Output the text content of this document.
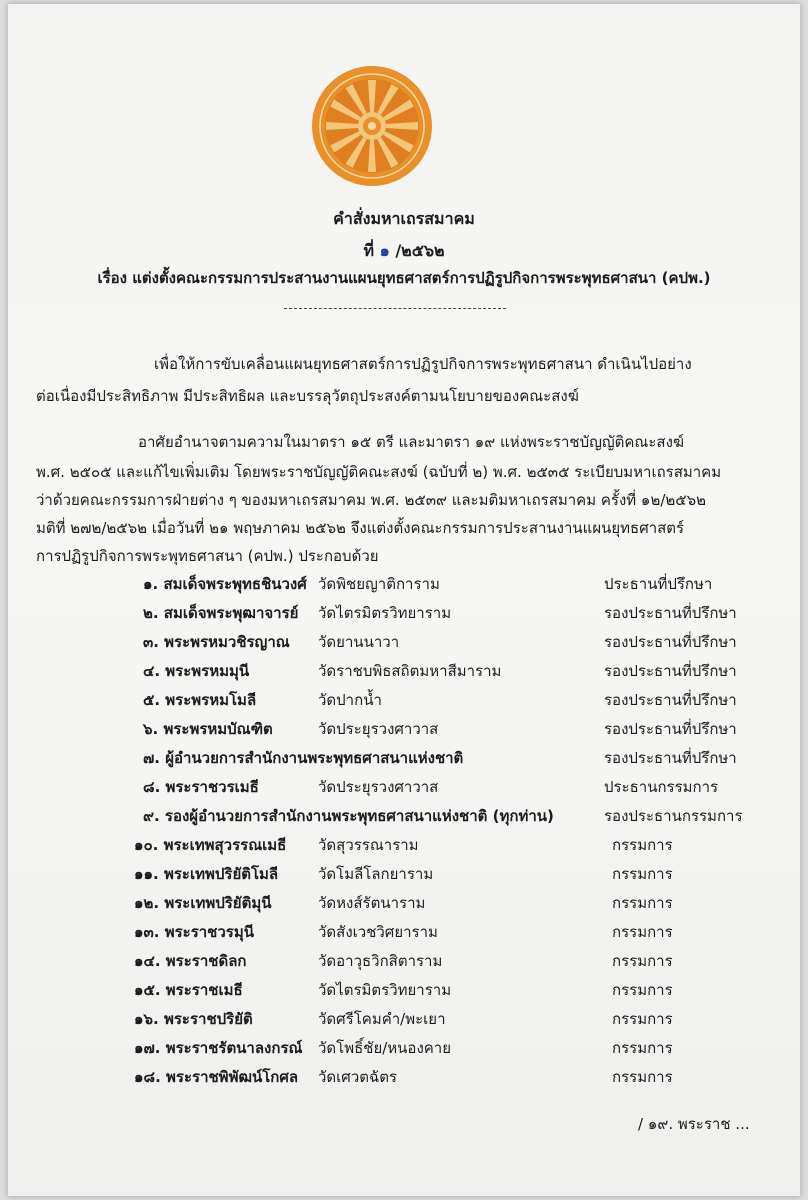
คำสั่งมหาเถรสมาคม
ที่ ๑ /๒๕๖๒
เรื่อง แต่งตั้งคณะกรรมการประสานงานแผนยุทธศาสตร์การปฏิรูปกิจการพระพุทธศาสนา (คปพ.)
เพื่อให้การขับเคลื่อนแผนยุทธศาสตร์การปฏิรูปกิจการพระพุทธศาสนา ดำเนินไปอย่าง
ต่อเนื่องมีประสิทธิภาพ มีประสิทธิผล และบรรลุวัตถุประสงค์ตามนโยบายของคณะสงฆ์
อาศัยอำนาจตามความในมาตรา ๑๕ ตรี และมาตรา ๑๙ แห่งพระราชบัญญัติคณะสงฆ์
พ.ศ. ๒๕๐๕ และแก้ไขเพิ่มเติม โดยพระราชบัญญัติคณะสงฆ์ (ฉบับที่ ๒) พ.ศ. ๒๕๓๕ ระเบียบมหาเถรสมาคม
ว่าด้วยคณะกรรมการฝ่ายต่าง ๆ ของมหาเถรสมาคม พ.ศ. ๒๕๓๙ และมติมหาเถรสมาคม ครั้งที่ ๑๒/๒๕๖๒
มติที่ ๒๗๒/๒๕๖๒ เมื่อวันที่ ๒๑ พฤษภาคม ๒๕๖๒ จึงแต่งตั้งคณะกรรมการประสานงานแผนยุทธศาสตร์
การปฏิรูปกิจการพระพุทธศาสนา (คปพ.) ประกอบด้วย
๑. สมเด็จพระพุทธชินวงศ์ วัดพิชยญาติการาม	ประธานที่ปรึกษา
๒. สมเด็จพระพุฒาจารย์ วัดไตรมิตรวิทยาราม	รองประธานที่ปรึกษา
๓. พระพรหมวชิรญาณ วัดยานนาวา	รองประธานที่ปรึกษา
๔. พระพรหมมุนี	วัดราชบพิธสถิตมหาสีมาราม	รองประธานที่ปรึกษา
๕. พระพรหมโมลี	วัดปากน้ำ	รองประธานที่ปรึกษา
๖. พระพรหมบัณฑิต	วัดประยุรวงศาวาส	รองประธานที่ปรึกษา
๗. ผู้อำนวยการสำนักงานพระพุทธศาสนาแห่งชาติ	รองประธานที่ปรึกษา
๘. พระราชวรเมธี	วัดประยุรวงศาวาส	ประธานกรรมการ
๙. รองผู้อำนวยการสำนักงานพระพุทธศาสนาแห่งชาติ (ทุกท่าน)	รองประธานกรรมการ
๑๐. พระเทพสุวรรณเมธี วัดสุวรรณาราม	กรรมการ
๑๑. พระเทพปริยัติโมลี	วัดโมลีโลกยาราม	กรรมการ
๑๒. พระเทพปริยัติมุนี	วัดหงส์รัตนาราม	กรรมการ
๑๓. พระราชวรมุนี	วัดสังเวชวิศยาราม	กรรมการ
๑๔. พระราชดิลก	วัดอาวุธวิกสิตาราม	กรรมการ
๑๕. พระราชเมธี	วัดไตรมิตรวิทยาราม	กรรมการ
๑๖. พระราชปริยัติ	วัดศรีโคมคำ/พะเยา	กรรมการ
๑๗. พระราชรัตนาลงกรณ์ วัดโพธิ์ชัย/หนองคาย	กรรมการ
๑๘. พระราชพิพัฒน์โกศล วัดเศวตฉัตร	กรรมการ
/ ๑๙. พระราช ...
